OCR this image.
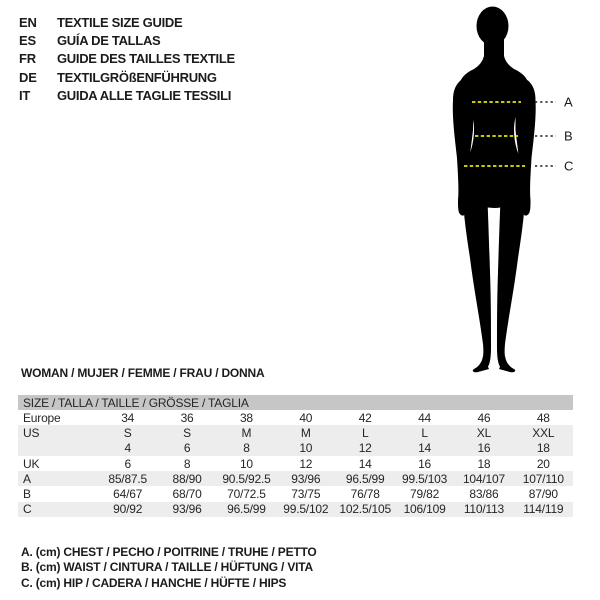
EN	TEXTILE SIZE GUIDE
ES	GUÍA DE TALLAS
FR	GUIDE DES TAILLES TEXTILE
DE	TEXTILGRÖßENFÜHRUNG
IT	GUIDA ALLE TAGLIE TESSILI	A
B
C
WOMAN / MUJER / FEMME / FRAU / DONNA
SIZE / TALLA / TAILLE / GRÖSSE / TAGLIA
Europe	34	36	38	40	42	44	46	48
US	S	S	M	M	L	L	XL	XXL
4	6	8	10	12	14	16	18
UK	6	8	10	12	14	16	18	20
A	85/87.5	88/90	90.5/92.5	93/96	96.5/99	99.5/103	104/107	107/110
B	64/67	68/70	70/72.5	73/75	76/78	79/82	83/86	87/90
C	90/92	93/96	96.5/99	99.5/102 102.5/105	106/109	110/113	114/119
A. (cm) CHEST / PECHO / POITRINE / TRUHE / PETTO
B. (cm) WAIST / CINTURA / TAILLE / HÜFTUNG / VITA
C. (cm) HIP / CADERA / HANCHE / HÜFTE / HIPS
